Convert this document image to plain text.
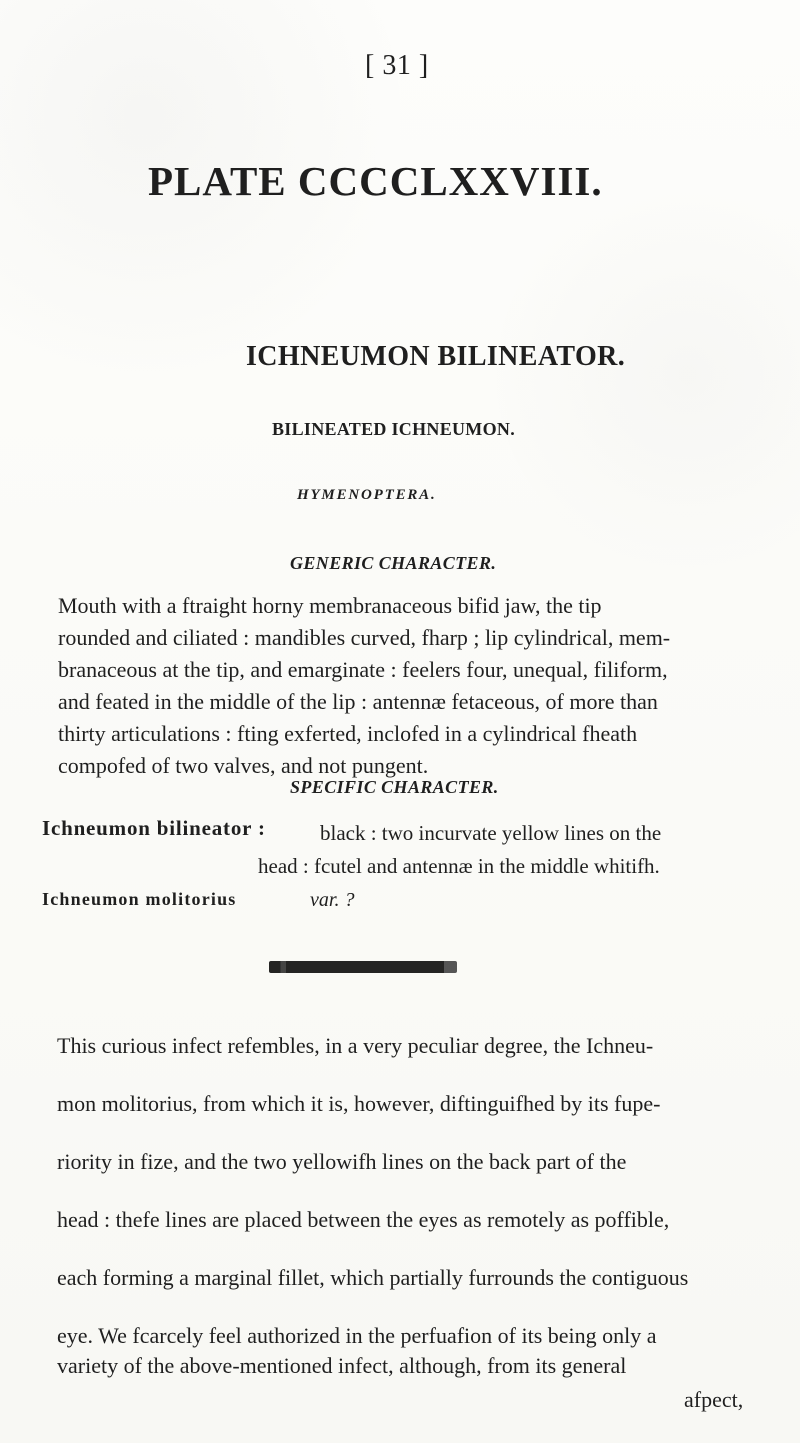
[ 31 ]
PLATE CCCCLXXVIII.
ICHNEUMON BILINEATOR.
BILINEATED ICHNEUMON.
HYMENOPTERA.
GENERIC CHARACTER.
Mouth with a ftraight horny membranaceous bifid jaw, the tip
rounded and ciliated : mandibles curved, fharp ; lip cylindrical, mem-
branaceous at the tip, and emarginate : feelers four, unequal, filiform,
and feated in the middle of the lip : antennæ fetaceous, of more than
thirty articulations : fting exferted, inclofed in a cylindrical fheath
compofed of two valves, and not pungent.
SPECIFIC CHARACTER.
Ichneumon bilineator :	black : two incurvate yellow lines on the
head : fcutel and antennæ in the middle whitifh.
Ichneumon molitorius	var. ?
This curious infect refembles, in a very peculiar degree, the Ichneu-
mon molitorius, from which it is, however, diftinguifhed by its fupe-
riority in fize, and the two yellowifh lines on the back part of the
head : thefe lines are placed between the eyes as remotely as poffible,
each forming a marginal fillet, which partially furrounds the contiguous
eye. We fcarcely feel authorized in the perfuafion of its being only a
variety of the above-mentioned infect, although, from its general
afpect,
